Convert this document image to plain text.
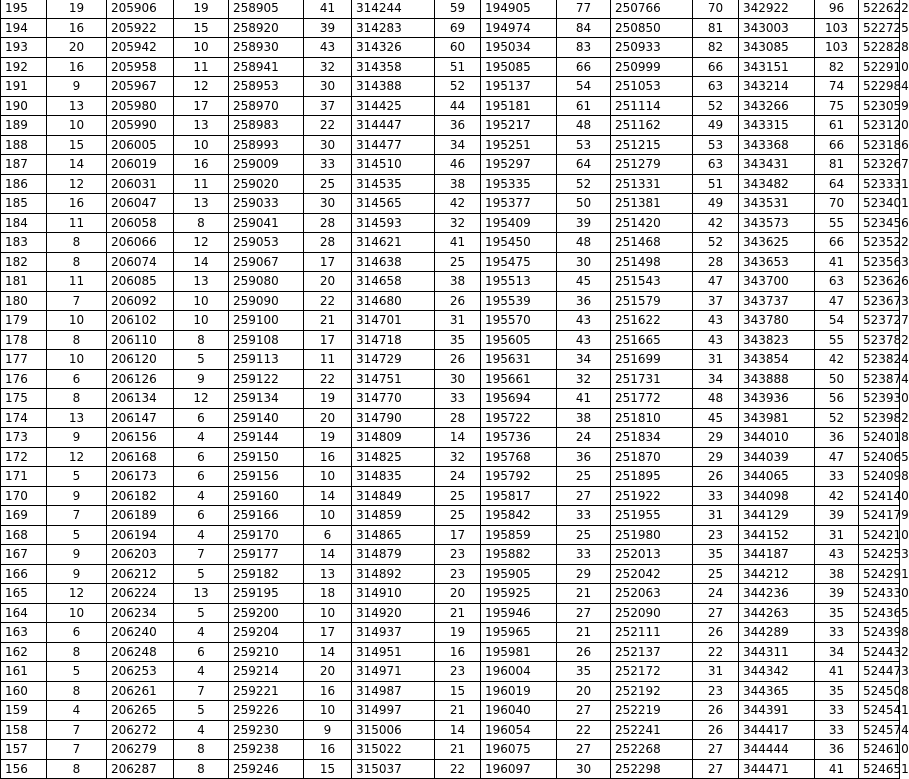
195	19	205906	19	258905	41	314244	59	194905	77	250766	70	342922	96	522622
194	16	205922	15	258920	39	314283	69	194974	84	250850	81	343003	103	522725
193	20	205942	10	258930	43	314326	60	195034	83	250933	82	343085	103	522828
192	16	205958	11	258941	32	314358	51	195085	66	250999	66	343151	82	522910
191	9	205967	12	258953	30	314388	52	195137	54	251053	63	343214	74	522984
190	13	205980	17	258970	37	314425	44	195181	61	251114	52	343266	75	523059
189	10	205990	13	258983	22	314447	36	195217	48	251162	49	343315	61	523120
188	15	206005	10	258993	30	314477	34	195251	53	251215	53	343368	66	523186
187	14	206019	16	259009	33	314510	46	195297	64	251279	63	343431	81	523267
186	12	206031	11	259020	25	314535	38	195335	52	251331	51	343482	64	523331
185	16	206047	13	259033	30	314565	42	195377	50	251381	49	343531	70	523401
184	11	206058	8	259041	28	314593	32	195409	39	251420	42	343573	55	523456
183	8	206066	12	259053	28	314621	41	195450	48	251468	52	343625	66	523522
182	8	206074	14	259067	17	314638	25	195475	30	251498	28	343653	41	523563
181	11	206085	13	259080	20	314658	38	195513	45	251543	47	343700	63	523626
180	7	206092	10	259090	22	314680	26	195539	36	251579	37	343737	47	523673
179	10	206102	10	259100	21	314701	31	195570	43	251622	43	343780	54	523727
178	8	206110	8	259108	17	314718	35	195605	43	251665	43	343823	55	523782
177	10	206120	5	259113	11	314729	26	195631	34	251699	31	343854	42	523824
176	6	206126	9	259122	22	314751	30	195661	32	251731	34	343888	50	523874
175	8	206134	12	259134	19	314770	33	195694	41	251772	48	343936	56	523930
174	13	206147	6	259140	20	314790	28	195722	38	251810	45	343981	52	523982
173	9	206156	4	259144	19	314809	14	195736	24	251834	29	344010	36	524018
172	12	206168	6	259150	16	314825	32	195768	36	251870	29	344039	47	524065
171	5	206173	6	259156	10	314835	24	195792	25	251895	26	344065	33	524098
170	9	206182	4	259160	14	314849	25	195817	27	251922	33	344098	42	524140
169	7	206189	6	259166	10	314859	25	195842	33	251955	31	344129	39	524179
168	5	206194	4	259170	6	314865	17	195859	25	251980	23	344152	31	524210
167	9	206203	7	259177	14	314879	23	195882	33	252013	35	344187	43	524253
166	9	206212	5	259182	13	314892	23	195905	29	252042	25	344212	38	524291
165	12	206224	13	259195	18	314910	20	195925	21	252063	24	344236	39	524330
164	10	206234	5	259200	10	314920	21	195946	27	252090	27	344263	35	524365
163	6	206240	4	259204	17	314937	19	195965	21	252111	26	344289	33	524398
162	8	206248	6	259210	14	314951	16	195981	26	252137	22	344311	34	524432
161	5	206253	4	259214	20	314971	23	196004	35	252172	31	344342	41	524473
160	8	206261	7	259221	16	314987	15	196019	20	252192	23	344365	35	524508
159	4	206265	5	259226	10	314997	21	196040	27	252219	26	344391	33	524541
158	7	206272	4	259230	9	315006	14	196054	22	252241	26	344417	33	524574
157	7	206279	8	259238	16	315022	21	196075	27	252268	27	344444	36	524610
156	8	206287	8	259246	15	315037	22	196097	30	252298	27	344471	41	524651
